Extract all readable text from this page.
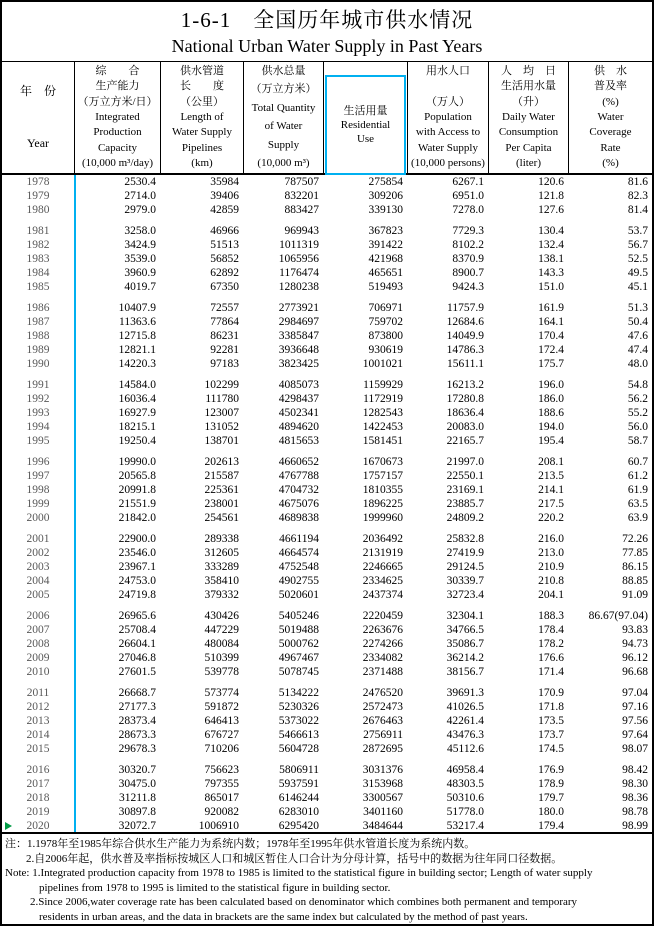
1-6-1　全国历年城市供水情况
National Urban Water Supply in Past Years
年　份
Year
综　　合
生产能力
（万立方米/日）
Integrated
Production
Capacity
(10,000 m³/day)
供水管道
长　　度
（公里）
Length of
Water Supply
Pipelines
(km)
供水总量
（万立方米）
Total Quantity
of Water
Supply
(10,000 m³)
生活用量
Residential
Use
用水人口

（万人）
Population
with Access to
Water Supply
(10,000 persons)
人　均　日
生活用水量
（升）
Daily Water
Consumption
Per Capita
(liter)
供　水
普及率
(%)
Water
Coverage
Rate
(%)
1978	2530.4	35984	787507	275854	6267.1	120.6	81.6
1979	2714.0	39406	832201	309206	6951.0	121.8	82.3
1980	2979.0	42859	883427	339130	7278.0	127.6	81.4
1981	3258.0	46966	969943	367823	7729.3	130.4	53.7
1982	3424.9	51513	1011319	391422	8102.2	132.4	56.7
1983	3539.0	56852	1065956	421968	8370.9	138.1	52.5
1984	3960.9	62892	1176474	465651	8900.7	143.3	49.5
1985	4019.7	67350	1280238	519493	9424.3	151.0	45.1
1986	10407.9	72557	2773921	706971	11757.9	161.9	51.3
1987	11363.6	77864	2984697	759702	12684.6	164.1	50.4
1988	12715.8	86231	3385847	873800	14049.9	170.4	47.6
1989	12821.1	92281	3936648	930619	14786.3	172.4	47.4
1990	14220.3	97183	3823425	1001021	15611.1	175.7	48.0
1991	14584.0	102299	4085073	1159929	16213.2	196.0	54.8
1992	16036.4	111780	4298437	1172919	17280.8	186.0	56.2
1993	16927.9	123007	4502341	1282543	18636.4	188.6	55.2
1994	18215.1	131052	4894620	1422453	20083.0	194.0	56.0
1995	19250.4	138701	4815653	1581451	22165.7	195.4	58.7
1996	19990.0	202613	4660652	1670673	21997.0	208.1	60.7
1997	20565.8	215587	4767788	1757157	22550.1	213.5	61.2
1998	20991.8	225361	4704732	1810355	23169.1	214.1	61.9
1999	21551.9	238001	4675076	1896225	23885.7	217.5	63.5
2000	21842.0	254561	4689838	1999960	24809.2	220.2	63.9
2001	22900.0	289338	4661194	2036492	25832.8	216.0	72.26
2002	23546.0	312605	4664574	2131919	27419.9	213.0	77.85
2003	23967.1	333289	4752548	2246665	29124.5	210.9	86.15
2004	24753.0	358410	4902755	2334625	30339.7	210.8	88.85
2005	24719.8	379332	5020601	2437374	32723.4	204.1	91.09
2006	26965.6	430426	5405246	2220459	32304.1	188.3	86.67(97.04)
2007	25708.4	447229	5019488	2263676	34766.5	178.4	93.83
2008	26604.1	480084	5000762	2274266	35086.7	178.2	94.73
2009	27046.8	510399	4967467	2334082	36214.2	176.6	96.12
2010	27601.5	539778	5078745	2371488	38156.7	171.4	96.68
2011	26668.7	573774	5134222	2476520	39691.3	170.9	97.04
2012	27177.3	591872	5230326	2572473	41026.5	171.8	97.16
2013	28373.4	646413	5373022	2676463	42261.4	173.5	97.56
2014	28673.3	676727	5466613	2756911	43476.3	173.7	97.64
2015	29678.3	710206	5604728	2872695	45112.6	174.5	98.07
2016	30320.7	756623	5806911	3031376	46958.4	176.9	98.42
2017	30475.0	797355	5937591	3153968	48303.5	178.9	98.30
2018	31211.8	865017	6146244	3300567	50310.6	179.7	98.36
2019	30897.8	920082	6283010	3401160	51778.0	180.0	98.78
2020	32072.7	1006910	6295420	3484644	53217.4	179.4	98.99
注：1.1978年至1985年综合供水生产能力为系统内数；1978年至1995年供水管道长度为系统内数。
2.自2006年起，供水普及率指标按城区人口和城区暂住人口合计为分母计算，括号中的数据为往年同口径数据。
Note: 1.Integrated production capacity from 1978 to 1985 is limited to the statistical figure in building sector; Length of water supply
pipelines from 1978 to 1995 is limited to the statistical figure in building sector.
2.Since 2006,water coverage rate has been calculated based on denominator which combines both permanent and temporary
residents in urban areas, and the data in brackets are the same index but calculated by the method of past years.
